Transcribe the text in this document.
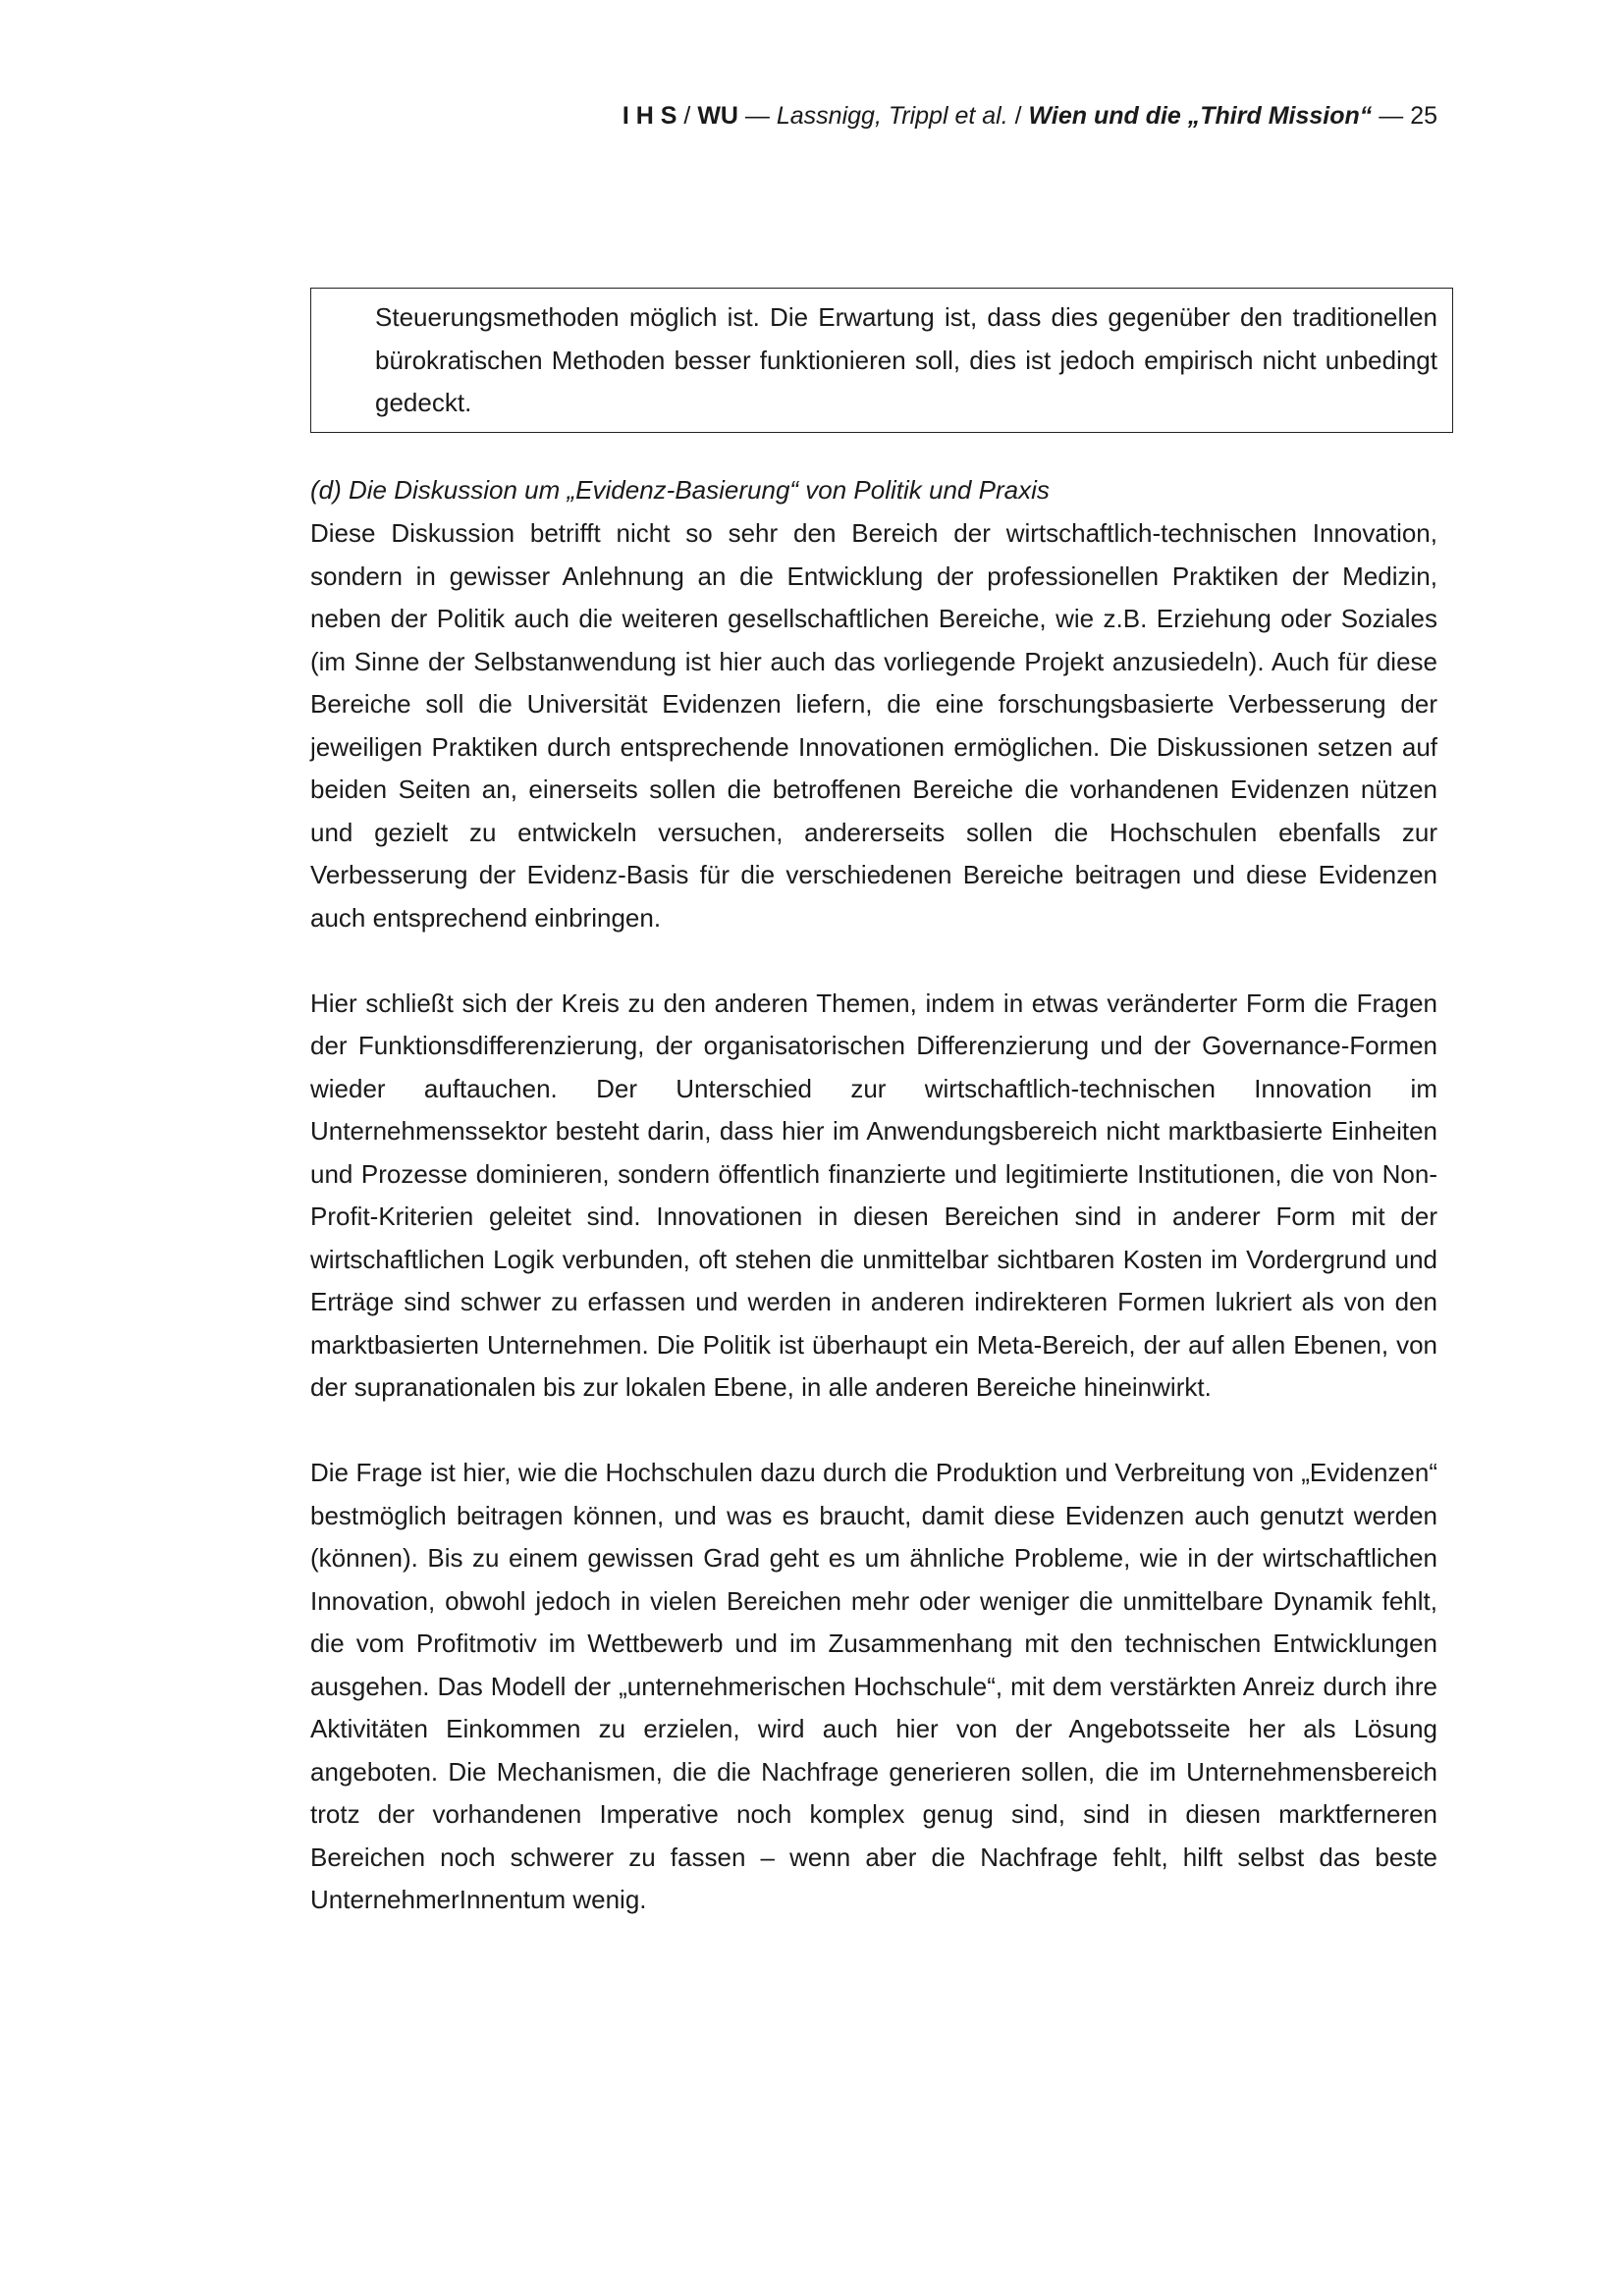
I H S / WU — Lassnigg, Trippl et al. / Wien und die „Third Mission“ — 25
Steuerungsmethoden möglich ist. Die Erwartung ist, dass dies gegenüber den traditionellen bürokratischen Methoden besser funktionieren soll, dies ist jedoch empirisch nicht unbedingt gedeckt.
(d) Die Diskussion um „Evidenz-Basierung“ von Politik und Praxis

Diese Diskussion betrifft nicht so sehr den Bereich der wirtschaftlich-technischen Innovation, sondern in gewisser Anlehnung an die Entwicklung der professionellen Praktiken der Medizin, neben der Politik auch die weiteren gesellschaftlichen Bereiche, wie z.B. Erziehung oder Soziales (im Sinne der Selbstanwendung ist hier auch das vorliegende Projekt anzusiedeln). Auch für diese Bereiche soll die Universität Evidenzen liefern, die eine forschungsbasierte Verbesserung der jeweiligen Praktiken durch entsprechende Innovationen ermöglichen. Die Diskussionen setzen auf beiden Seiten an, einerseits sollen die betroffenen Bereiche die vorhandenen Evidenzen nützen und gezielt zu entwickeln versuchen, andererseits sollen die Hochschulen ebenfalls zur Verbesserung der Evidenz-Basis für die verschiedenen Bereiche beitragen und diese Evidenzen auch entsprechend einbringen.

Hier schließt sich der Kreis zu den anderen Themen, indem in etwas veränderter Form die Fragen der Funktionsdifferenzierung, der organisatorischen Differenzierung und der Governance-Formen wieder auftauchen. Der Unterschied zur wirtschaftlich-technischen Innovation im Unternehmenssektor besteht darin, dass hier im Anwendungsbereich nicht marktbasierte Einheiten und Prozesse dominieren, sondern öffentlich finanzierte und legitimierte Institutionen, die von Non-Profit-Kriterien geleitet sind. Innovationen in diesen Bereichen sind in anderer Form mit der wirtschaftlichen Logik verbunden, oft stehen die unmittelbar sichtbaren Kosten im Vordergrund und Erträge sind schwer zu erfassen und werden in anderen indirekteren Formen lukriert als von den marktbasierten Unternehmen. Die Politik ist überhaupt ein Meta-Bereich, der auf allen Ebenen, von der supranationalen bis zur lokalen Ebene, in alle anderen Bereiche hineinwirkt.

Die Frage ist hier, wie die Hochschulen dazu durch die Produktion und Verbreitung von „Evidenzen“ bestmöglich beitragen können, und was es braucht, damit diese Evidenzen auch genutzt werden (können). Bis zu einem gewissen Grad geht es um ähnliche Probleme, wie in der wirtschaftlichen Innovation, obwohl jedoch in vielen Bereichen mehr oder weniger die unmittelbare Dynamik fehlt, die vom Profitmotiv im Wettbewerb und im Zusammenhang mit den technischen Entwicklungen ausgehen. Das Modell der „unternehmerischen Hochschule“, mit dem verstärkten Anreiz durch ihre Aktivitäten Einkommen zu erzielen, wird auch hier von der Angebotsseite her als Lösung angeboten. Die Mechanismen, die die Nachfrage generieren sollen, die im Unternehmensbereich trotz der vorhandenen Imperative noch komplex genug sind, sind in diesen marktferneren Bereichen noch schwerer zu fassen – wenn aber die Nachfrage fehlt, hilft selbst das beste UnternehmerInnentum wenig.
